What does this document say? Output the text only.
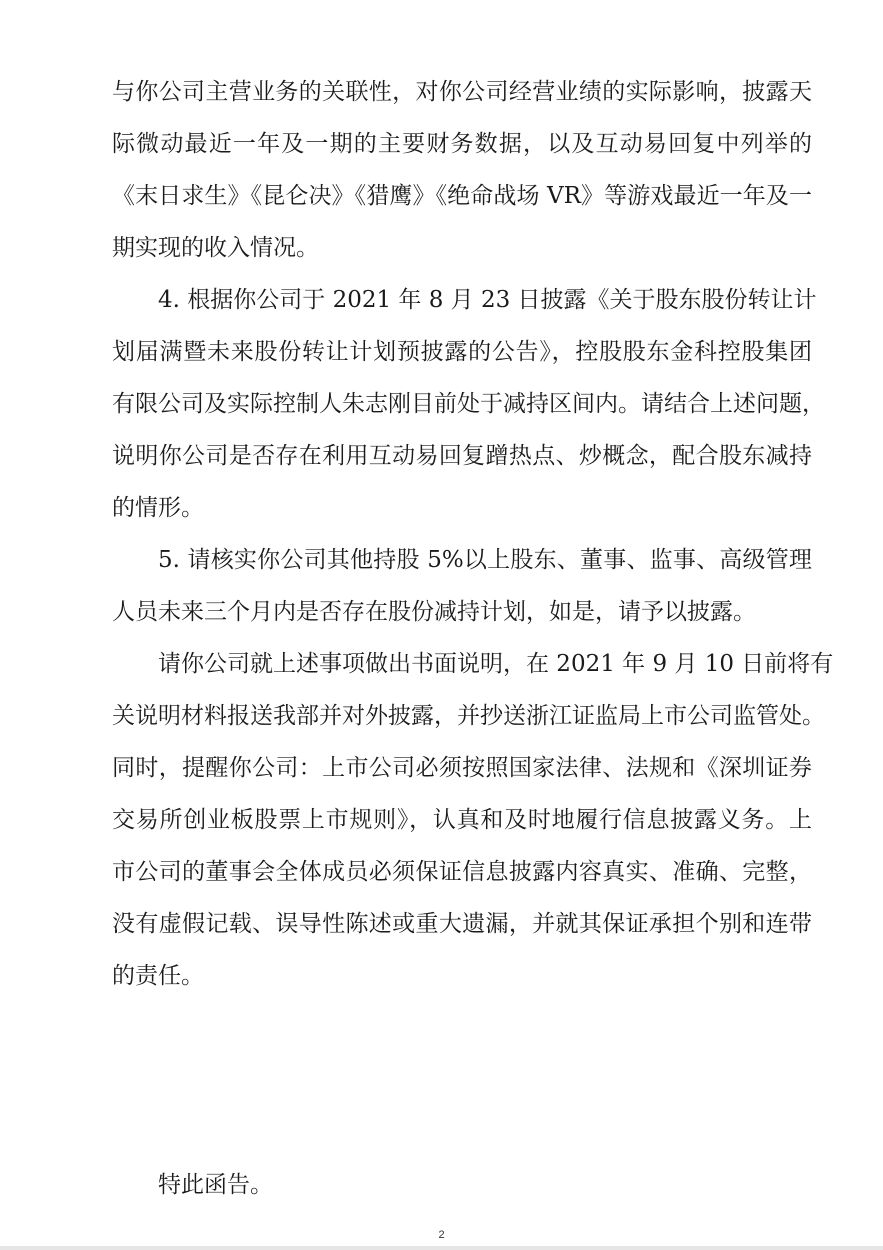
与你公司主营业务的关联性，对你公司经营业绩的实际影响，披露天
际微动最近一年及一期的主要财务数据，以及互动易回复中列举的
《末日求生》《昆仑决》《猎鹰》《绝命战场 VR》等游戏最近一年及一
期实现的收入情况。
4. 根据你公司于 2021 年 8 月 23 日披露《关于股东股份转让计
划届满暨未来股份转让计划预披露的公告》，控股股东金科控股集团
有限公司及实际控制人朱志刚目前处于减持区间内。请结合上述问题，
说明你公司是否存在利用互动易回复蹭热点、炒概念，配合股东减持
的情形。
5. 请核实你公司其他持股 5%以上股东、董事、监事、高级管理
人员未来三个月内是否存在股份减持计划，如是，请予以披露。
请你公司就上述事项做出书面说明，在 2021 年 9 月 10 日前将有
关说明材料报送我部并对外披露，并抄送浙江证监局上市公司监管处。
同时，提醒你公司：上市公司必须按照国家法律、法规和《深圳证券
交易所创业板股票上市规则》，认真和及时地履行信息披露义务。上
市公司的董事会全体成员必须保证信息披露内容真实、准确、完整，
没有虚假记载、误导性陈述或重大遗漏，并就其保证承担个别和连带
的责任。
特此函告。
2
